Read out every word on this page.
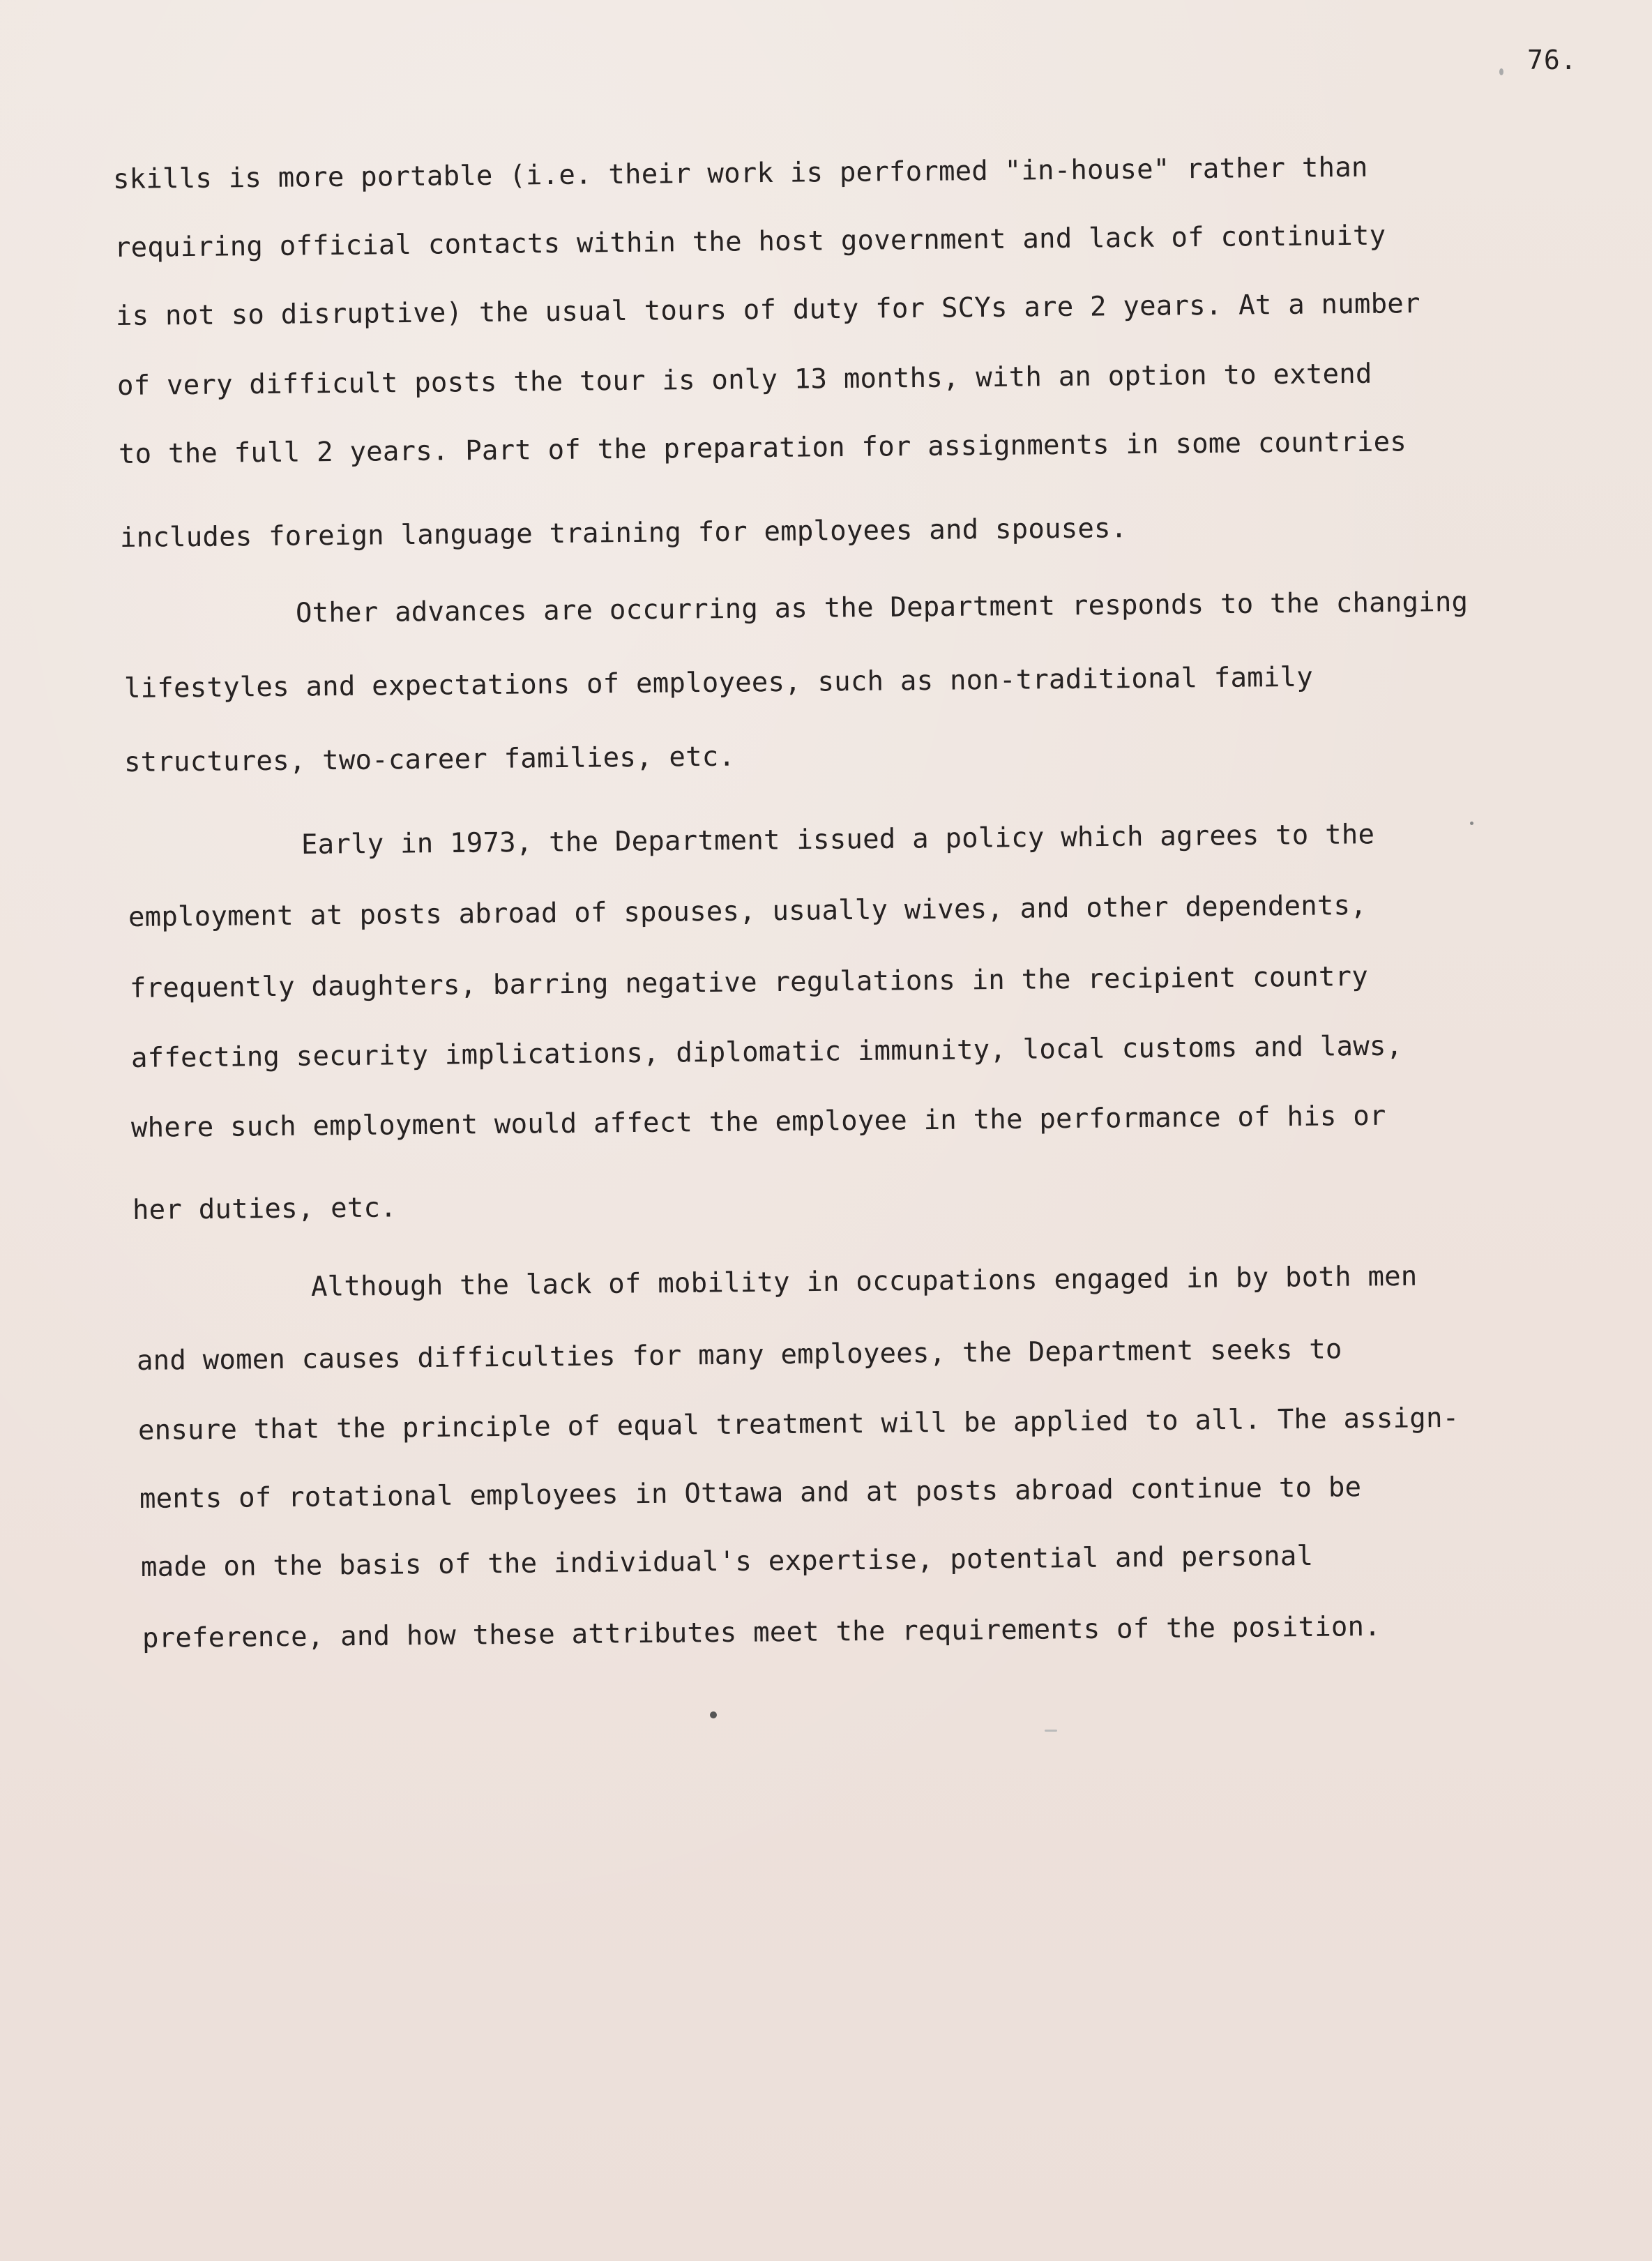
76.
skills is more portable (i.e. their work is performed "in-house" rather than
requiring official contacts within the host government and lack of continuity
is not so disruptive) the usual tours of duty for SCYs are 2 years. At a number
of very difficult posts the tour is only 13 months, with an option to extend
to the full 2 years. Part of the preparation for assignments in some countries
includes foreign language training for employees and spouses.
Other advances are occurring as the Department responds to the changing
lifestyles and expectations of employees, such as non-traditional family
structures, two-career families, etc.
Early in 1973, the Department issued a policy which agrees to the
employment at posts abroad of spouses, usually wives, and other dependents,
frequently daughters, barring negative regulations in the recipient country
affecting security implications, diplomatic immunity, local customs and laws,
where such employment would affect the employee in the performance of his or
her duties, etc.
Although the lack of mobility in occupations engaged in by both men
and women causes difficulties for many employees, the Department seeks to
ensure that the principle of equal treatment will be applied to all. The assign-
ments of rotational employees in Ottawa and at posts abroad continue to be
made on the basis of the individual's expertise, potential and personal
preference, and how these attributes meet the requirements of the position.
